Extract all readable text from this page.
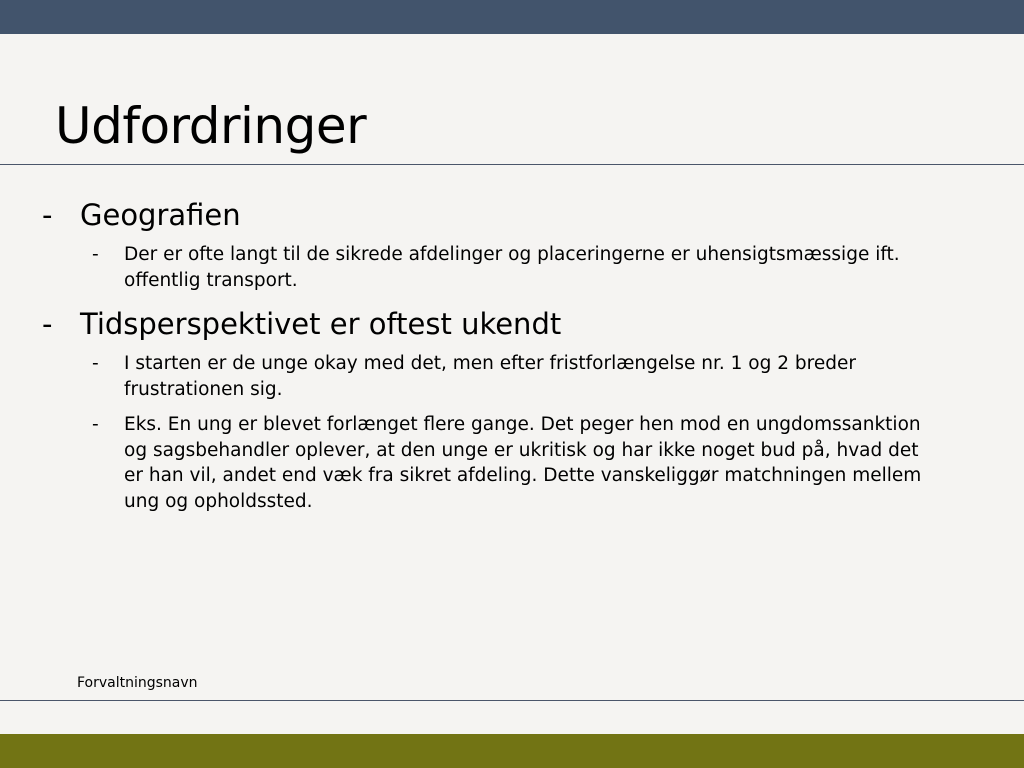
Udfordringer
- Geografien
- Der er ofte langt til de sikrede afdelinger og placeringerne er uhensigtsmæssige ift. offentlig transport.
- Tidsperspektivet er oftest ukendt
- I starten er de unge okay med det, men efter fristforlængelse nr. 1 og 2 breder frustrationen sig.
- Eks. En ung er blevet forlænget flere gange. Det peger hen mod en ungdomssanktion og sagsbehandler oplever, at den unge er ukritisk og har ikke noget bud på, hvad det er han vil, andet end væk fra sikret afdeling. Dette vanskeliggør matchningen mellem ung og opholdssted.
Forvaltningsnavn
